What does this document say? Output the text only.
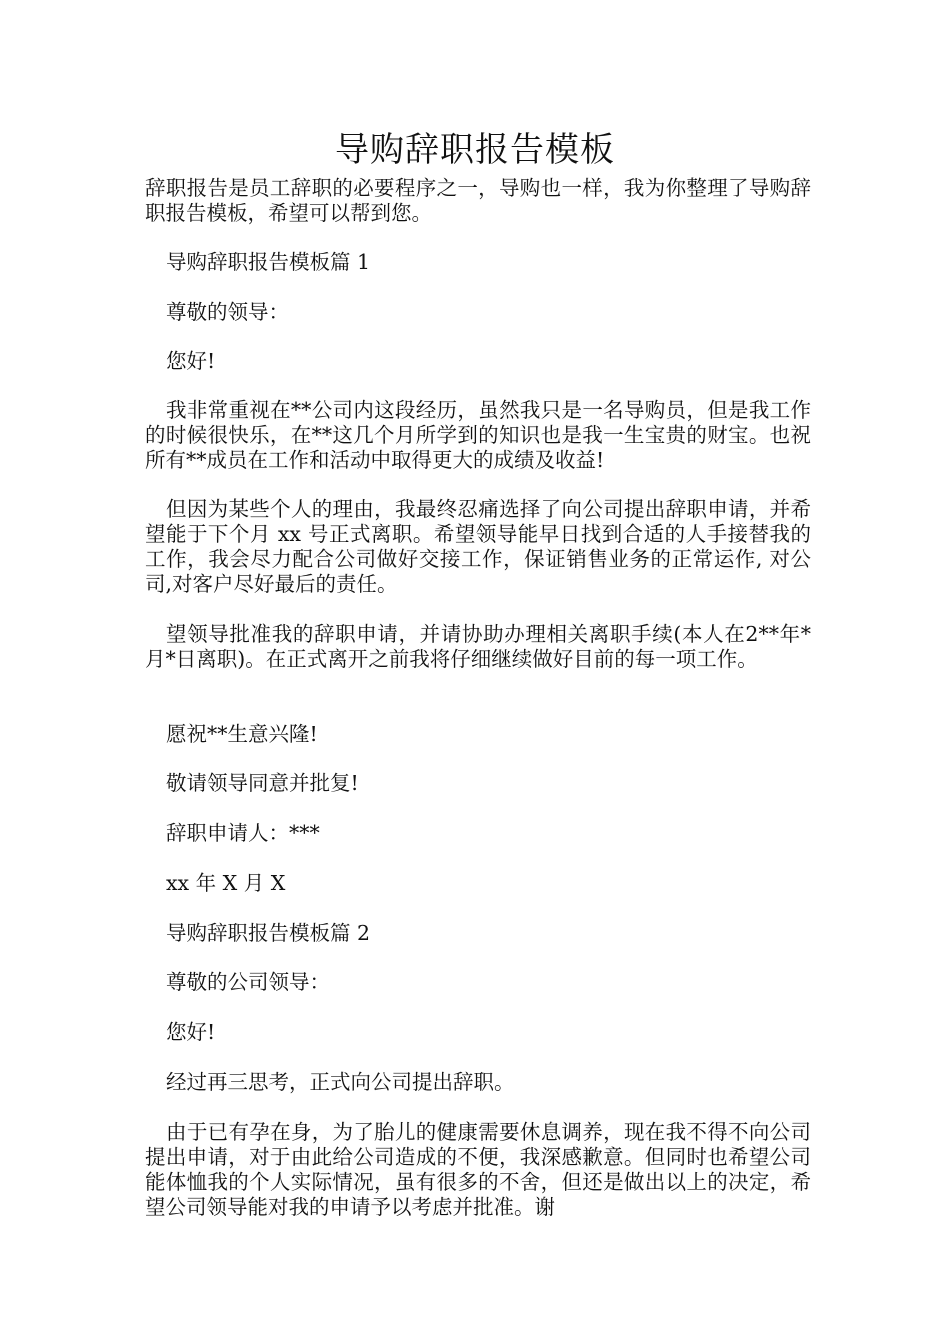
导购辞职报告模板

辞职报告是员工辞职的必要程序之一，导购也一样，我为你整理了导购辞职报告模板，希望可以帮到您。

导购辞职报告模板篇 1

尊敬的领导：

您好!

我非常重视在**公司内这段经历，虽然我只是一名导购员，但是我工作的时候很快乐，在**这几个月所学到的知识也是我一生宝贵的财宝。也祝所有**成员在工作和活动中取得更大的成绩及收益!

但因为某些个人的理由，我最终忍痛选择了向公司提出辞职申请，并希望能于下个月 xx 号正式离职。希望领导能早日找到合适的人手接替我的工作，我会尽力配合公司做好交接工作，保证销售业务的正常运作, 对公司,对客户尽好最后的责任。

望领导批准我的辞职申请，并请协助办理相关离职手续(本人在2**年*月*日离职)。在正式离开之前我将仔细继续做好目前的每一项工作。

愿祝**生意兴隆!

敬请领导同意并批复!

辞职申请人：***

xx 年 X 月 X

导购辞职报告模板篇 2

尊敬的公司领导：

您好!

经过再三思考，正式向公司提出辞职。

由于已有孕在身，为了胎儿的健康需要休息调养，现在我不得不向公司提出申请，对于由此给公司造成的不便，我深感歉意。但同时也希望公司能体恤我的个人实际情况，虽有很多的不舍，但还是做出以上的决定，希望公司领导能对我的申请予以考虑并批准。谢
